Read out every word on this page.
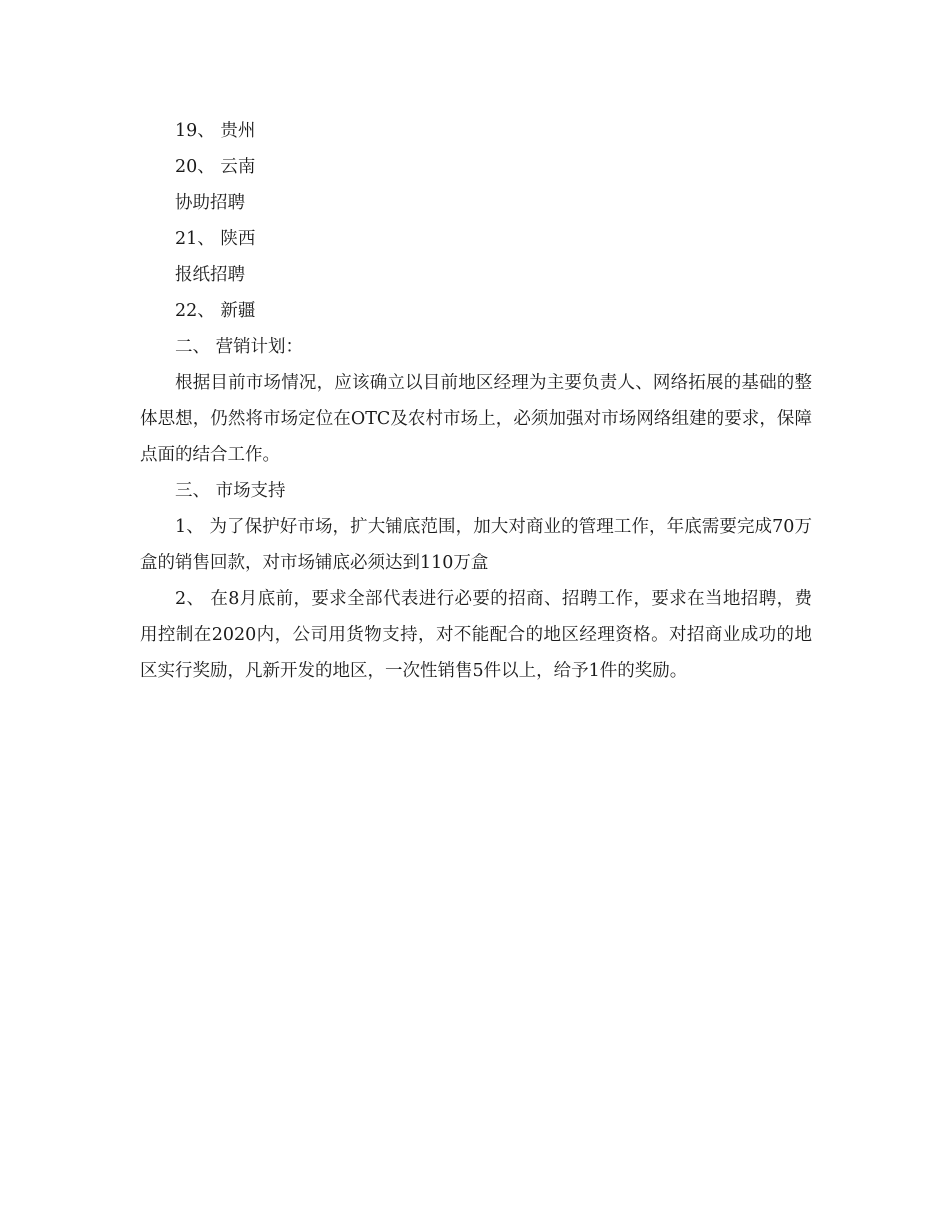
19、 贵州

20、 云南

协助招聘

21、 陕西

报纸招聘

22、 新疆

二、 营销计划：

根据目前市场情况，应该确立以目前地区经理为主要负责人、网络拓展的基础的整体思想，仍然将市场定位在OTC及农村市场上，必须加强对市场网络组建的要求，保障点面的结合工作。

三、 市场支持

1、 为了保护好市场，扩大铺底范围，加大对商业的管理工作，年底需要完成70万盒的销售回款，对市场铺底必须达到110万盒

2、 在8月底前，要求全部代表进行必要的招商、招聘工作，要求在当地招聘，费用控制在2020内，公司用货物支持，对不能配合的地区经理资格。对招商业成功的地区实行奖励，凡新开发的地区，一次性销售5件以上，给予1件的奖励。
